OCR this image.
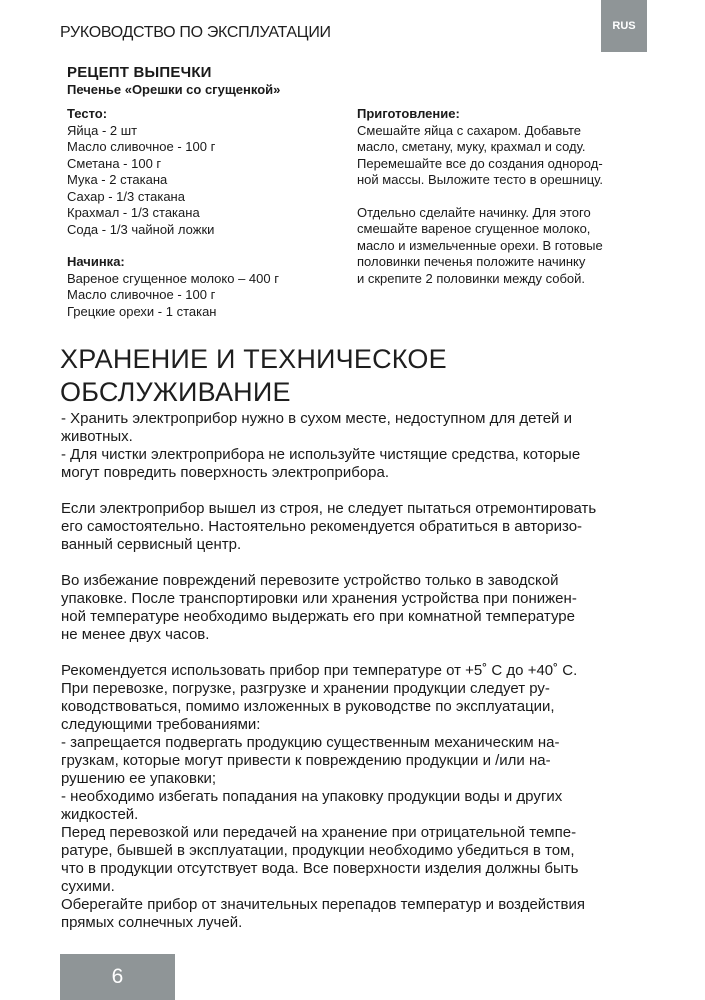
РУКОВОДСТВО ПО ЭКСПЛУАТАЦИИ	RUS
РЕЦЕПТ ВЫПЕЧКИ
Печенье «Орешки со сгущенкой»
Тесто:
Яйца - 2 шт
Масло сливочное - 100 г
Сметана - 100 г
Мука - 2 стакана
Сахар - 1/3 стакана
Крахмал - 1/3 стакана
Сода - 1/3 чайной ложки
Начинка:
Вареное сгущенное молоко – 400 г
Масло сливочное - 100 г
Грецкие орехи - 1 стакан
Приготовление:
Смешайте яйца с сахаром. Добавьте
масло, сметану, муку, крахмал и соду.
Перемешайте все до создания однород-
ной массы. Выложите тесто в орешницу.
Отдельно сделайте начинку. Для этого
смешайте вареное сгущенное молоко,
масло и измельченные орехи. В готовые
половинки печенья положите начинку
и скрепите 2 половинки между собой.
ХРАНЕНИЕ И ТЕХНИЧЕСКОЕ
ОБСЛУЖИВАНИЕ
- Хранить электроприбор нужно в сухом месте, недоступном для детей и
животных.
- Для чистки электроприбора не используйте чистящие средства, которые
могут повредить поверхность электроприбора.
Если электроприбор вышел из строя, не следует пытаться отремонтировать
его самостоятельно. Настоятельно рекомендуется обратиться в авторизо-
ванный сервисный центр.
Во избежание повреждений перевозите устройство только в заводской
упаковке. После транспортировки или хранения устройства при понижен-
ной температуре необходимо выдержать его при комнатной температуре
не менее двух часов.
Рекомендуется использовать прибор при температуре от +5˚ С до +40˚ С.
При перевозке, погрузке, разгрузке и хранении продукции следует ру-
ководствоваться, помимо изложенных в руководстве по эксплуатации,
следующими требованиями:
- запрещается подвергать продукцию существенным механическим на-
грузкам, которые могут привести к повреждению продукции и /или на-
рушению ее упаковки;
- необходимо избегать попадания на упаковку продукции воды и других
жидкостей.
Перед перевозкой или передачей на хранение при отрицательной темпе-
ратуре, бывшей в эксплуатации, продукции необходимо убедиться в том,
что в продукции отсутствует вода. Все поверхности изделия должны быть
сухими.
Оберегайте прибор от значительных перепадов температур и воздействия
прямых солнечных лучей.
6
